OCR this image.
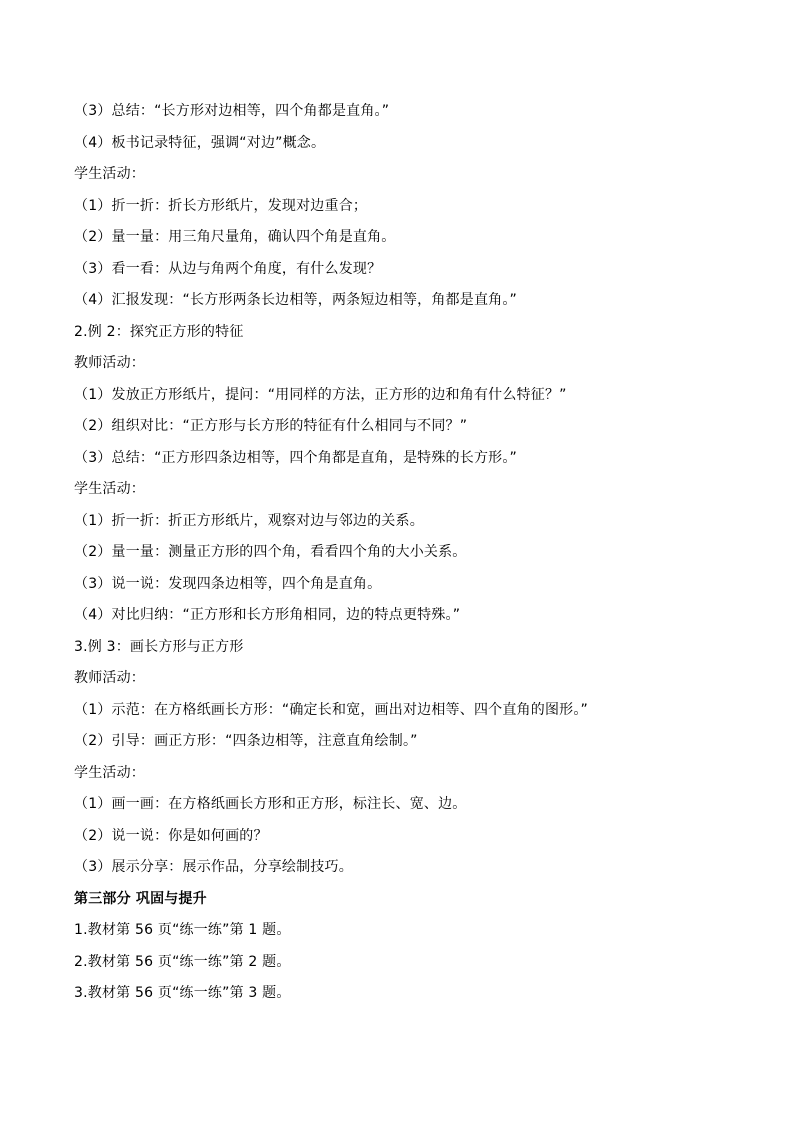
（3）总结：“长方形对边相等，四个角都是直角。”
（4）板书记录特征，强调“对边”概念。
学生活动：
（1）折一折：折长方形纸片，发现对边重合；
（2）量一量：用三角尺量角，确认四个角是直角。
（3）看一看：从边与角两个角度，有什么发现？
（4）汇报发现：“长方形两条长边相等，两条短边相等，角都是直角。”
2.例 2：探究正方形的特征
教师活动：
（1）发放正方形纸片，提问：“用同样的方法，正方形的边和角有什么特征？”
（2）组织对比：“正方形与长方形的特征有什么相同与不同？”
（3）总结：“正方形四条边相等，四个角都是直角，是特殊的长方形。”
学生活动：
（1）折一折：折正方形纸片，观察对边与邻边的关系。
（2）量一量：测量正方形的四个角，看看四个角的大小关系。
（3）说一说：发现四条边相等，四个角是直角。
（4）对比归纳：“正方形和长方形角相同，边的特点更特殊。”
3.例 3：画长方形与正方形
教师活动：
（1）示范：在方格纸画长方形：“确定长和宽，画出对边相等、四个直角的图形。”
（2）引导：画正方形：“四条边相等，注意直角绘制。”
学生活动：
（1）画一画：在方格纸画长方形和正方形，标注长、宽、边。
（2）说一说：你是如何画的？
（3）展示分享：展示作品，分享绘制技巧。
第三部分 巩固与提升
1.教材第 56 页“练一练”第 1 题。
2.教材第 56 页“练一练”第 2 题。
3.教材第 56 页“练一练”第 3 题。
